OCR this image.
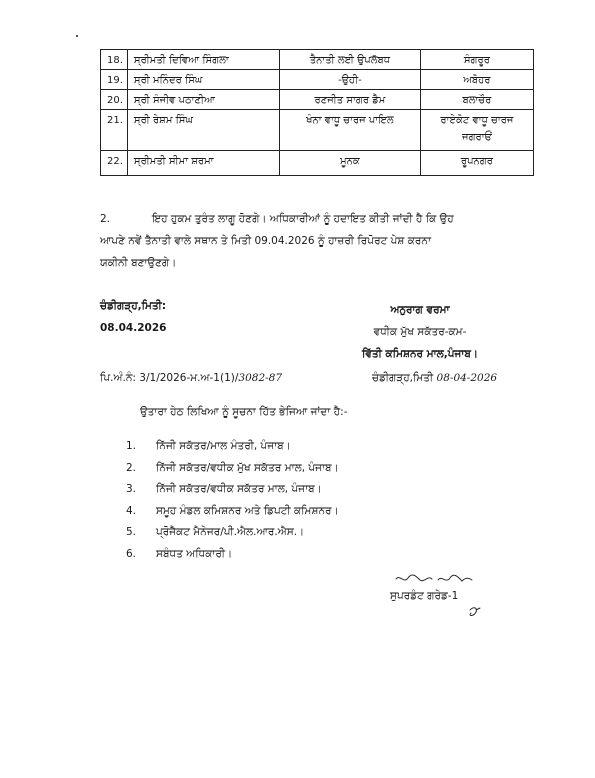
18.	ਸ੍ਰੀਮਤੀ ਦਿਵਿਆ ਸਿੰਗਲਾ	ਤੈਨਾਤੀ ਲਈ ਉਪਲੱਬਧ	ਸੰਗਰੂਰ
19.	ਸ੍ਰੀ ਮਨਿੰਦਰ ਸਿੰਘ	-ਉਹੀ-	ਅਬੋਹਰ
20.	ਸ੍ਰੀ ਸੰਜੀਵ ਪਠਾਣੀਆ	ਰਣਜੀਤ ਸਾਗਰ ਡੈਮ	ਬਲਾਚੌਰ
21.	ਸ੍ਰੀ ਰੇਸ਼ਮ ਸਿੰਘ	ਖੰਨਾ ਵਾਧੂ ਚਾਰਜ ਪਾਇਲ	ਰਾਏਕੋਟ ਵਾਧੂ ਚਾਰਜ
ਜਗਰਾਓਂ

22.	ਸ੍ਰੀਮਤੀ ਸੀਮਾ ਸ਼ਰਮਾ	ਮੂਨਕ	ਰੂਪਨਗਰ
2.	ਇਹ ਹੁਕਮ ਤੁਰੰਤ ਲਾਗੂ ਹੋਣਗੇ। ਅਧਿਕਾਰੀਆਂ ਨੂੰ ਹਦਾਇਤ ਕੀਤੀ ਜਾਂਦੀ ਹੈ ਕਿ ਉਹ
ਆਪਣੇ ਨਵੇਂ ਤੈਨਾਤੀ ਵਾਲੇ ਸਥਾਨ ਤੇ ਮਿਤੀ 09.04.2026 ਨੂੰ ਹਾਜ਼ਰੀ ਰਿਪੋਰਟ ਪੇਸ਼ ਕਰਨਾ
ਯਕੀਨੀ ਬਣਾਉਣਗੇ।
ਚੰਡੀਗੜ੍ਹ,ਮਿਤੀ:
08.04.2026
ਅਨੁਰਾਗ ਵਰਮਾ
ਵਧੀਕ ਮੁੱਖ ਸਕੱਤਰ-ਕਮ-
ਵਿੱਤੀ ਕਮਿਸ਼ਨਰ ਮਾਲ,ਪੰਜਾਬ।
ਪਿ.ਅੰ.ਨੰ: 3/1/2026-ਮ.ਅ-1(1)/3082-87	ਚੰਡੀਗੜ੍ਹ,ਮਿਤੀ 08-04-2026
ਉਤਾਰਾ ਹੇਠ ਲਿਖਿਆ ਨੂੰ ਸੂਚਨਾ ਹਿੱਤ ਭੇਜਿਆ ਜਾਂਦਾ ਹੈ:-
1. ਨਿੱਜੀ ਸਕੱਤਰ/ਮਾਲ ਮੰਤਰੀ, ਪੰਜਾਬ।
2. ਨਿੱਜੀ ਸਕੱਤਰ/ਵਧੀਕ ਮੁੱਖ ਸਕੱਤਰ ਮਾਲ, ਪੰਜਾਬ।
3. ਨਿੱਜੀ ਸਕੱਤਰ/ਵਧੀਕ ਸਕੱਤਰ ਮਾਲ, ਪੰਜਾਬ।
4. ਸਮੂਹ ਮੰਡਲ ਕਮਿਸ਼ਨਰ ਅਤੇ ਡਿਪਟੀ ਕਮਿਸ਼ਨਰ।
5. ਪ੍ਰੋਜੈਕਟ ਮੈਨੇਜਰ/ਪੀ.ਐਲ.ਆਰ.ਐਸ.।
6. ਸਬੰਧਤ ਅਧਿਕਾਰੀ।
ਸੁਪਰਡੰਟ ਗਰੇਡ-1
